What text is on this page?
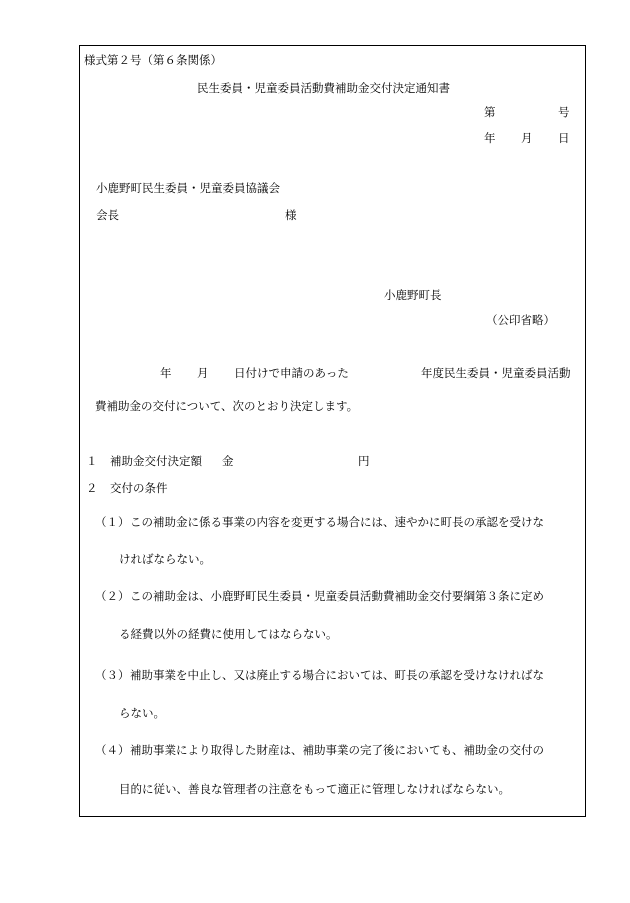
様式第２号（第６条関係）
民生委員・児童委員活動費補助金交付決定通知書
第	号
年 月 日
小鹿野町民生委員・児童委員協議会
会長	様
小鹿野町長
（公印省略）
年 月 日付けで申請のあった	年度民生委員・児童委員活動
費補助金の交付について、次のとおり決定します。
１ 補助金交付決定額 金	円
２ 交付の条件
（１） この補助金に係る事業の内容を変更する場合には、速やかに町長の承認を受けな
ければならない。
（２） この補助金は、小鹿野町民生委員・児童委員活動費補助金交付要綱第３条に定め
る経費以外の経費に使用してはならない。
（３） 補助事業を中止し、又は廃止する場合においては、町長の承認を受けなければな
らない。
（４） 補助事業により取得した財産は、補助事業の完了後においても、補助金の交付の
目的に従い、善良な管理者の注意をもって適正に管理しなければならない。
